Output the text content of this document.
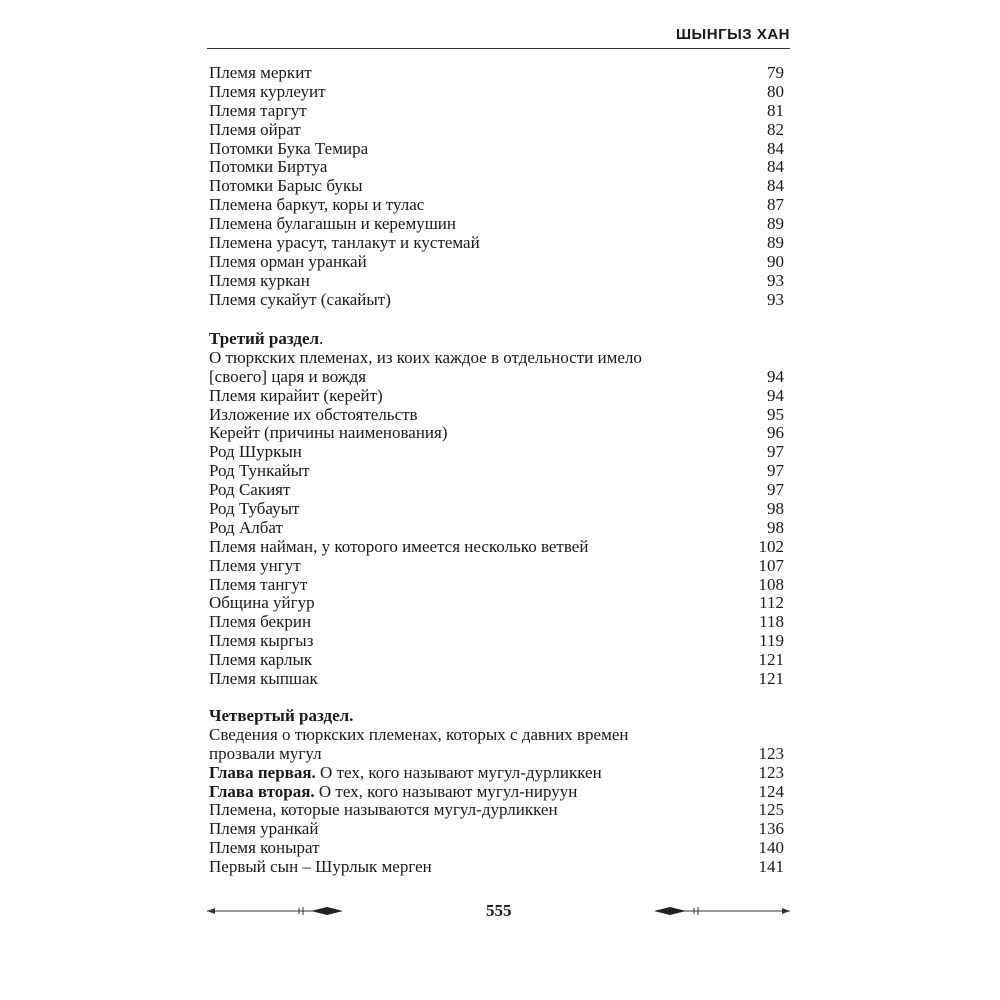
ШЫНГЫЗ ХАН
Племя меркит	79
Племя курлеуит	80
Племя таргут	81
Племя ойрат	82
Потомки Бука Темира	84
Потомки Биртуа	84
Потомки Барыс букы	84
Племена баркут, коры и тулас	87
Племена булагашын и керемушин	89
Племена урасут, танлакут и кустемай	89
Племя орман уранкай	90
Племя куркан	93
Племя сукайут (сакайыт)	93
Третий раздел.
О тюркских племенах, из коих каждое в отдельности имело
[своего] царя и вождя	94
Племя кирайит (керейт)	94
Изложение их обстоятельств	95
Керейт (причины наименования)	96
Род Шуркын	97
Род Тункайыт	97
Род Сакият	97
Род Тубауыт	98
Род Албат	98
Племя найман, у которого имеется несколько ветвей	102
Племя унгут	107
Племя тангут	108
Община уйгур	112
Племя бекрин	118
Племя кыргыз	119
Племя карлык	121
Племя кыпшак	121
Четвертый раздел.
Сведения о тюркских племенах, которых с давних времен
прозвали мугул	123
Глава первая. О тех, кого называют мугул-дурликкен	123
Глава вторая. О тех, кого называют мугул-нируун	124
Племена, которые называются мугул-дурликкен	125
Племя уранкай	136
Племя конырат	140
Первый сын – Шурлык мерген	141
555
